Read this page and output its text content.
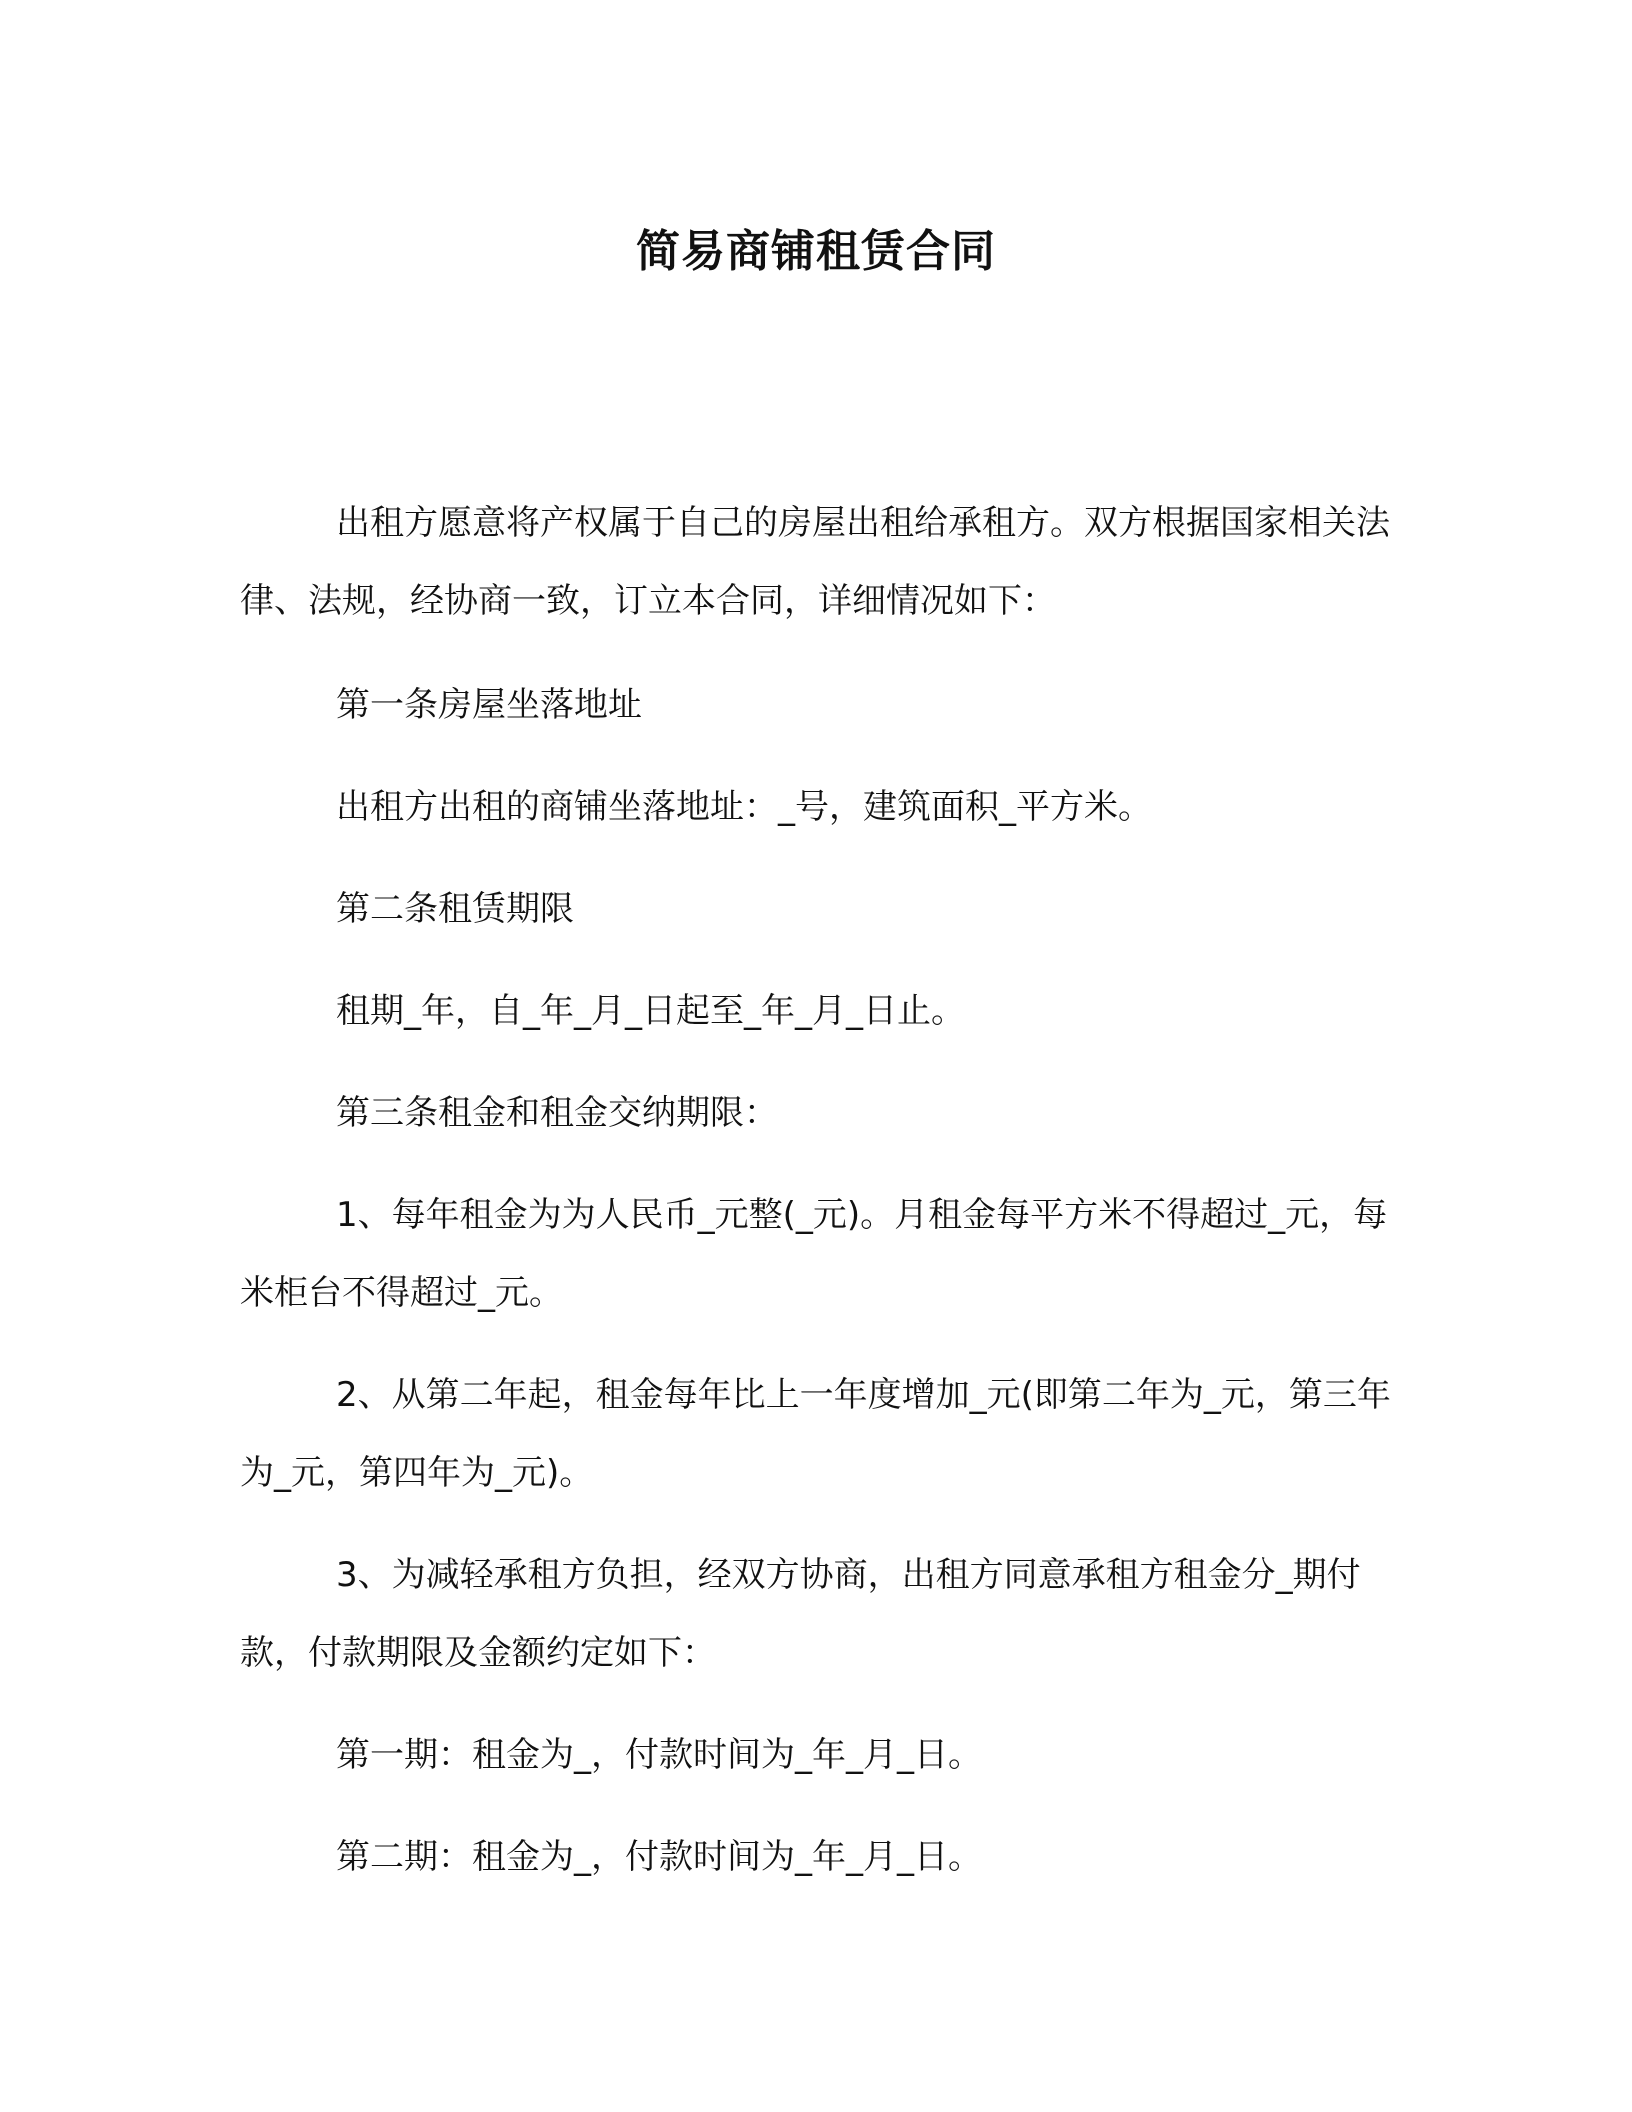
简易商铺租赁合同

出租方愿意将产权属于自己的房屋出租给承租方。双方根据国家相关法律、法规，经协商一致，订立本合同，详细情况如下：

第一条房屋坐落地址

出租方出租的商铺坐落地址：_号，建筑面积_平方米。

第二条租赁期限

租期_年，自_年_月_日起至_年_月_日止。

第三条租金和租金交纳期限：

1、每年租金为为人民币_元整(_元)。月租金每平方米不得超过_元，每米柜台不得超过_元。

2、从第二年起，租金每年比上一年度增加_元(即第二年为_元，第三年为_元，第四年为_元)。

3、为减轻承租方负担，经双方协商，出租方同意承租方租金分_期付款，付款期限及金额约定如下：

第一期：租金为_，付款时间为_年_月_日。

第二期：租金为_，付款时间为_年_月_日。
